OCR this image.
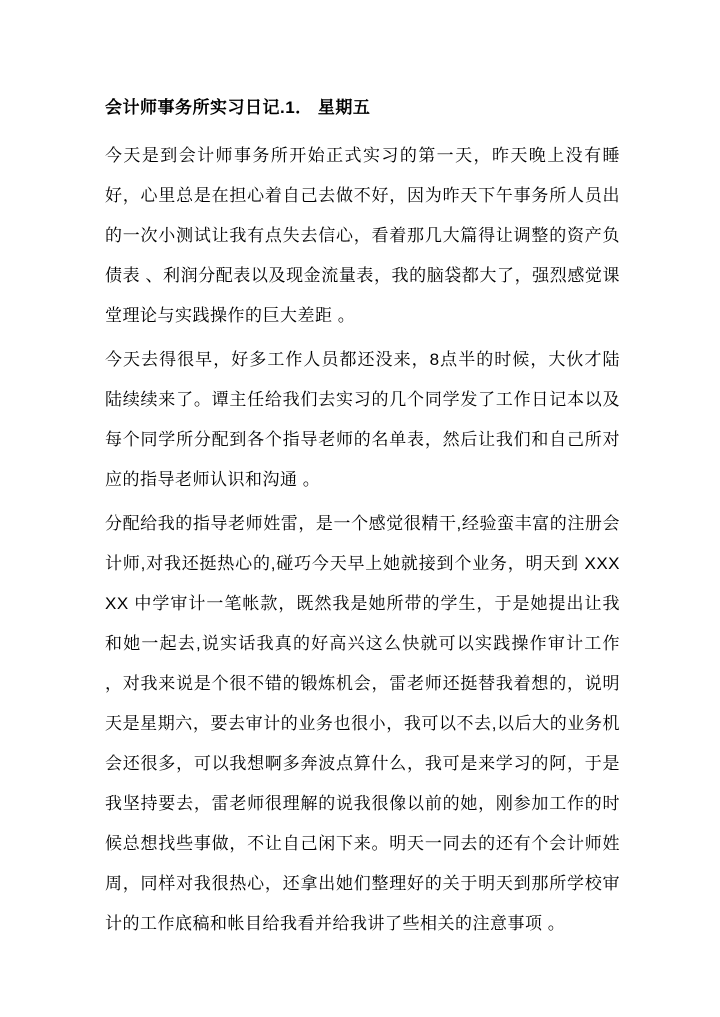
会计师事务所实习日记.1． 星期五

今天是到会计师事务所开始正式实习的第一天，昨天晚上没有睡好，心里总是在担心着自己去做不好，因为昨天下午事务所人员出的一次小测试让我有点失去信心，看着那几大篇得让调整的资产负债表 、利润分配表以及现金流量表，我的脑袋都大了，强烈感觉课堂理论与实践操作的巨大差距 。

今天去得很早，好多工作人员都还没来，8点半的时候，大伙才陆陆续续来了。谭主任给我们去实习的几个同学发了工作日记本以及每个同学所分配到各个指导老师的名单表，然后让我们和自己所对应的指导老师认识和沟通 。

分配给我的指导老师姓雷，是一个感觉很精干,经验蛮丰富的注册会计师,对我还挺热心的,碰巧今天早上她就接到个业务，明天到 XXXXX 中学审计一笔帐款，既然我是她所带的学生，于是她提出让我和她一起去,说实话我真的好高兴这么快就可以实践操作审计工作 ，对我来说是个很不错的锻炼机会，雷老师还挺替我着想的，说明天是星期六，要去审计的业务也很小，我可以不去,以后大的业务机会还很多，可以我想啊多奔波点算什么，我可是来学习的阿，于是我坚持要去，雷老师很理解的说我很像以前的她，刚参加工作的时候总想找些事做，不让自己闲下来。明天一同去的还有个会计师姓周，同样对我很热心，还拿出她们整理好的关于明天到那所学校审计的工作底稿和帐目给我看并给我讲了些相关的注意事项 。
